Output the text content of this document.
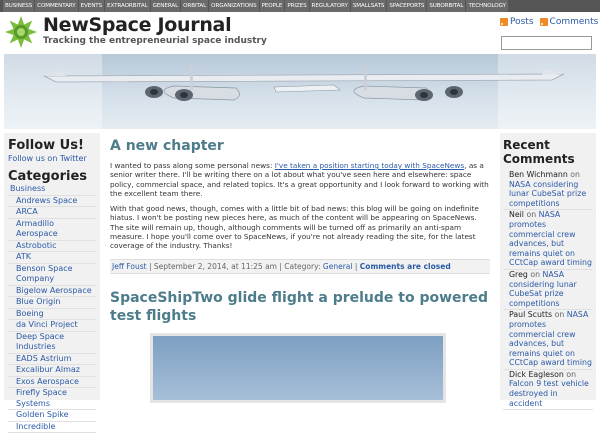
BUSINESS COMMENTARY EVENTS EXTRAORBITAL GENERAL ORBITAL ORGANIZATIONS PEOPLE PRIZES REGULATORY SMALLSATS SPACEPORTS SUBORBITAL TECHNOLOGY
NewSpace Journal
Tracking the entrepreneurial space industry
Posts Comments
Follow Us!
Follow us on Twitter
Categories
Business
Andrews Space
ARCA
Armadillo Aerospace
Astrobotic
ATK
Benson Space Company
Bigelow Aerospace
Blue Origin
Boeing
da Vinci Project
Deep Space Industries
EADS Astrium
Excalibur Almaz
Exos Aerospace
Firefly Space Systems
Golden Spike
Incredible
A new chapter

I wanted to pass along some personal news: I've taken a position starting today with SpaceNews, as a senior writer there. I'll be writing there on a lot about what you've seen here and elsewhere: space policy, commercial space, and related topics. It's a great opportunity and I look forward to working with the excellent team there.

With that good news, though, comes with a little bit of bad news: this blog will be going on indefinite hiatus. I won't be posting new pieces here, as much of the content will be appearing on SpaceNews. The site will remain up, though, although comments will be turned off as primarily an anti-spam measure. I hope you'll come over to SpaceNews, if you're not already reading the site, for the latest coverage of the industry. Thanks!

Jeff Foust | September 2, 2014, at 11:25 am | Category: General | Comments are closed
SpaceShipTwo glide flight a prelude to powered test flights
Recent Comments
Ben Wichmann on NASA considering lunar CubeSat prize competitions
Neil on NASA promotes commercial crew advances, but remains quiet on CCtCap award timing
Greg on NASA considering lunar CubeSat prize competitions
Paul Scutts on NASA promotes commercial crew advances, but remains quiet on CCtCap award timing
Dick Eagleson on Falcon 9 test vehicle destroyed in accident
